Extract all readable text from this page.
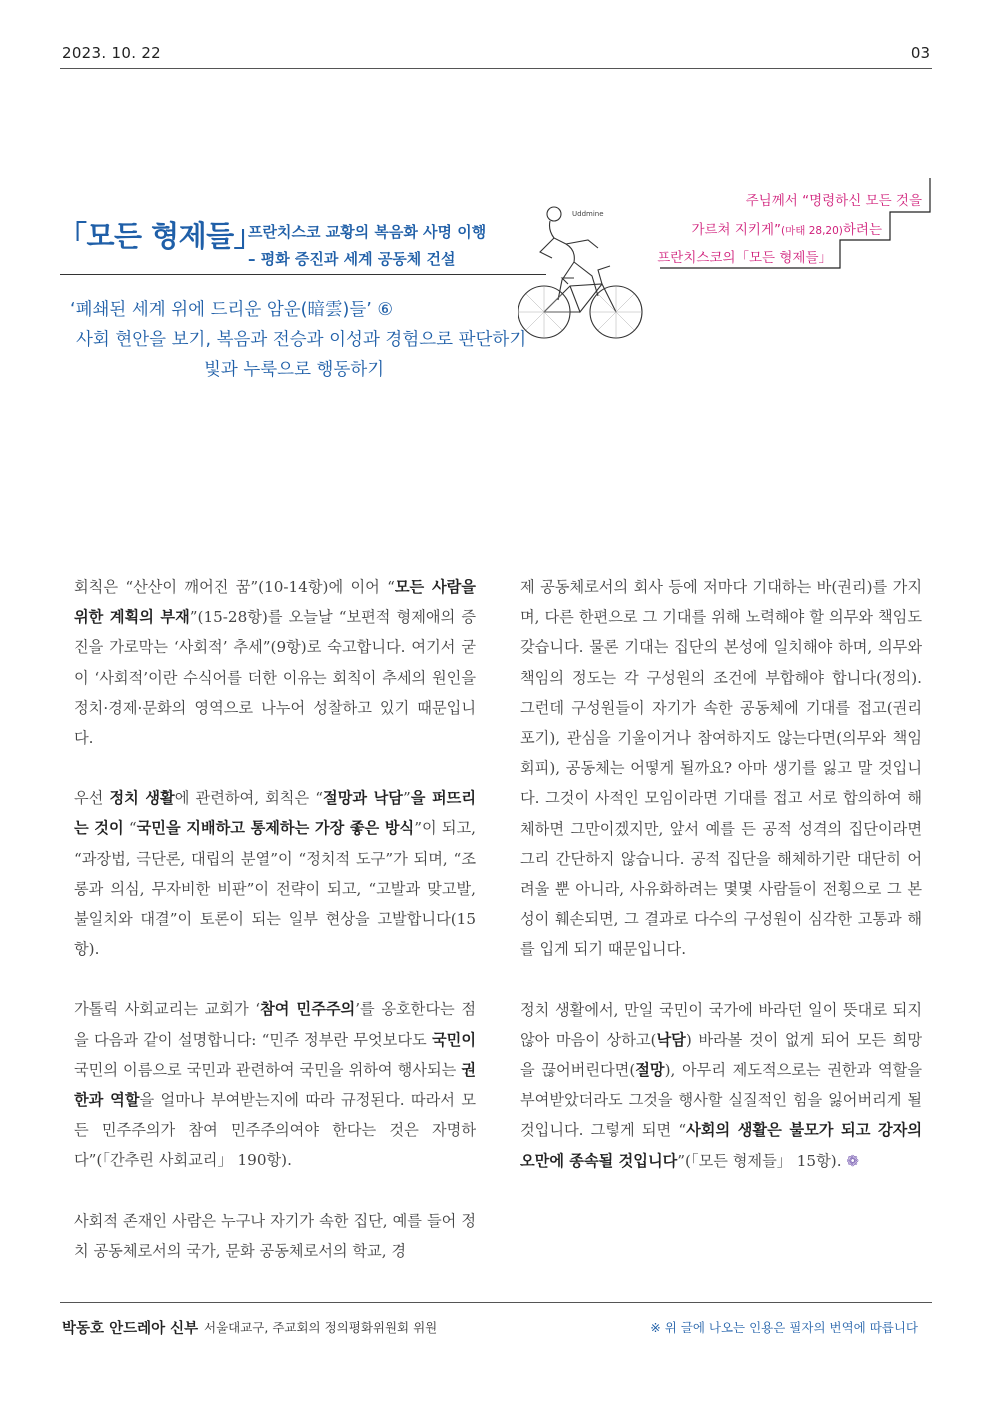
2023. 10. 22	03
「모든 형제들」
프란치스코 교황의 복음화 사명 이행
– 평화 증진과 세계 공동체 건설
‘폐쇄된 세계 위에 드리운 암운(暗雲)들’ ⑥
사회 현안을 보기, 복음과 전승과 이성과 경험으로 판단하기
빛과 누룩으로 행동하기
Uddmine
주님께서 “명령하신 모든 것을
가르쳐 지키게”(마태 28,20)하려는
프란치스코의「모든 형제들」

회칙은 “산산이 깨어진 꿈”(10-14항)에 이어 “모든 사람을 위한 계획의 부재”(15-28항)를 오늘날 “보편적 형제애의 증진을 가로막는 ‘사회적’ 추세”(9항)로 숙고합니다. 여기서 굳이 ‘사회적’이란 수식어를 더한 이유는 회칙이 추세의 원인을 정치·경제·문화의 영역으로 나누어 성찰하고 있기 때문입니다.

우선 정치 생활에 관련하여, 회칙은 “절망과 낙담”을 퍼뜨리는 것이 “국민을 지배하고 통제하는 가장 좋은 방식”이 되고, “과장법, 극단론, 대립의 분열”이 “정치적 도구”가 되며, “조롱과 의심, 무자비한 비판”이 전략이 되고, “고발과 맞고발, 불일치와 대결”이 토론이 되는 일부 현상을 고발합니다(15항).

가톨릭 사회교리는 교회가 ‘참여 민주주의’를 옹호한다는 점을 다음과 같이 설명합니다: “민주 정부란 무엇보다도 국민이 국민의 이름으로 국민과 관련하여 국민을 위하여 행사되는 권한과 역할을 얼마나 부여받는지에 따라 규정된다. 따라서 모든 민주주의가 참여 민주주의여야 한다는 것은 자명하다”(「간추린 사회교리」 190항).

사회적 존재인 사람은 누구나 자기가 속한 집단, 예를 들어 정치 공동체로서의 국가, 문화 공동체로서의 학교, 경

제 공동체로서의 회사 등에 저마다 기대하는 바(권리)를 가지며, 다른 한편으로 그 기대를 위해 노력해야 할 의무와 책임도 갖습니다. 물론 기대는 집단의 본성에 일치해야 하며, 의무와 책임의 정도는 각 구성원의 조건에 부합해야 합니다(정의). 그런데 구성원들이 자기가 속한 공동체에 기대를 접고(권리 포기), 관심을 기울이거나 참여하지도 않는다면(의무와 책임 회피), 공동체는 어떻게 될까요? 아마 생기를 잃고 말 것입니다. 그것이 사적인 모임이라면 기대를 접고 서로 합의하여 해체하면 그만이겠지만, 앞서 예를 든 공적 성격의 집단이라면 그리 간단하지 않습니다. 공적 집단을 해체하기란 대단히 어려울 뿐 아니라, 사유화하려는 몇몇 사람들이 전횡으로 그 본성이 훼손되면, 그 결과로 다수의 구성원이 심각한 고통과 해를 입게 되기 때문입니다.

정치 생활에서, 만일 국민이 국가에 바라던 일이 뜻대로 되지 않아 마음이 상하고(낙담) 바라볼 것이 없게 되어 모든 희망을 끊어버린다면(절망), 아무리 제도적으로는 권한과 역할을 부여받았더라도 그것을 행사할 실질적인 힘을 잃어버리게 될 것입니다. 그렇게 되면 “사회의 생활은 불모가 되고 강자의 오만에 종속될 것입니다”(「모든 형제들」 15항). ❁

박동호 안드레아 신부 서울대교구, 주교회의 정의평화위원회 위원	※ 위 글에 나오는 인용은 필자의 번역에 따릅니다
